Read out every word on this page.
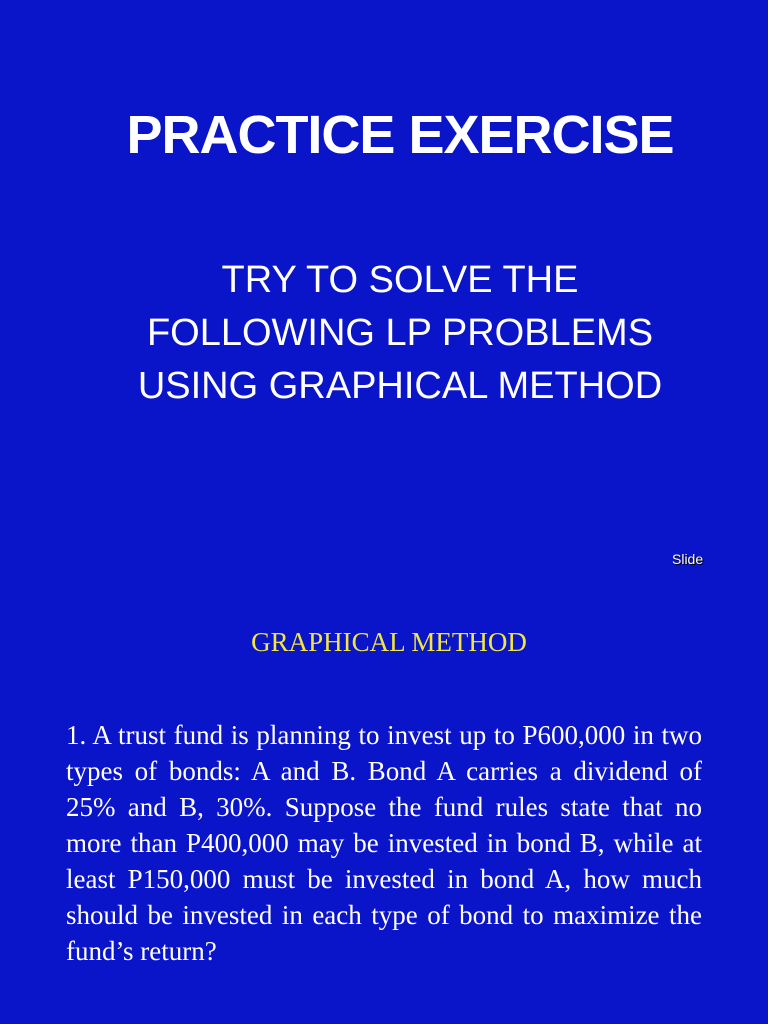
PRACTICE EXERCISE
TRY TO SOLVE THE
FOLLOWING LP PROBLEMS
USING GRAPHICAL METHOD
Slide
GRAPHICAL METHOD

1. A trust fund is planning to invest up to P600,000 in two types of bonds: A and B. Bond A carries a dividend of 25% and B, 30%. Suppose the fund rules state that no more than P400,000 may be invested in bond B, while at least P150,000 must be invested in bond A, how much should be invested in each type of bond to maximize the fund’s return?
